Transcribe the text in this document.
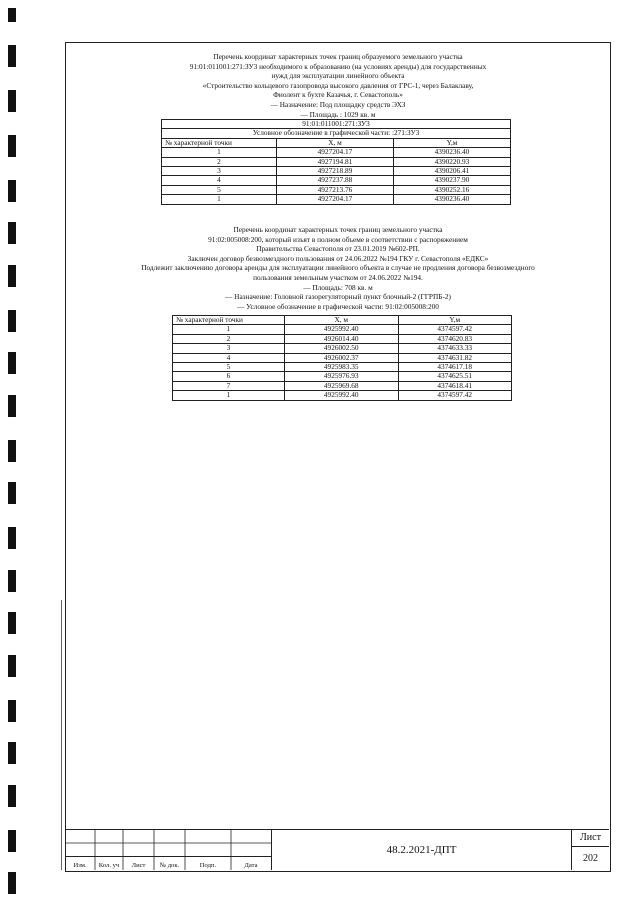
Перечень координат характерных точек границ образуемого земельного участка

91:01:011001:271:ЗУ3 необходимого к образованию (на условиях аренды) для государственных

нужд для эксплуатации линейного объекта

«Строительство кольцевого газопровода высокого давления от ГРС-1, через Балаклаву,

Фиолент к бухте Казачья, г. Севастополь»

— Назначение: Под площадку средств ЭХЗ

— Площадь : 1029 кв. м

91:01:011001:271:ЗУ3		
Условное обозначение в графической части: :271:ЗУ3		
№ характерной точки	X, м	Y,м
1	4927204.17	4390236.40
2	4927194.81	4390220.93
3	4927218.89	4390206.41
4	4927237.88	4390237.90
5	4927213.76	4390252.16
1	4927204.17	4390236.40

Перечень координат характерных точек границ земельного участка

91:02:005008:200, который изъят в полном объеме в соответствии с распоряжением

Правительства Севастополя от 23.01.2019 №602-РП.

Заключен договор безвозмездного пользования от 24.06.2022 №194 ГКУ г. Севастополя «ЕДКС»

Подлежит заключению договора аренды для эксплуатации линейного объекта в случае не продления договора безвозмездного

пользования земельным участком от 24.06.2022 №194.

— Площадь: 708 кв. м

— Назначение: Головной газорегуляторный пункт блочный-2 (ГГРПБ-2)

— Условное обозначение в графической части: 91:02:005008:200

№ характерной точки	X, м	Y,м
1	4925992.40	4374597.42
2	4926014.40	4374620.83
3	4926002.50	4374633.33
4	4926002.37	4374631.82
5	4925983.35	4374617.18
6	4925976.93	4374625.51
7	4925969.68	4374618.41
1	4925992.40	4374597.42
Изм.	Кол. уч	Лист	№ док.	Подп.	Дата
48.2.2021-ДПТ
Лист
202
